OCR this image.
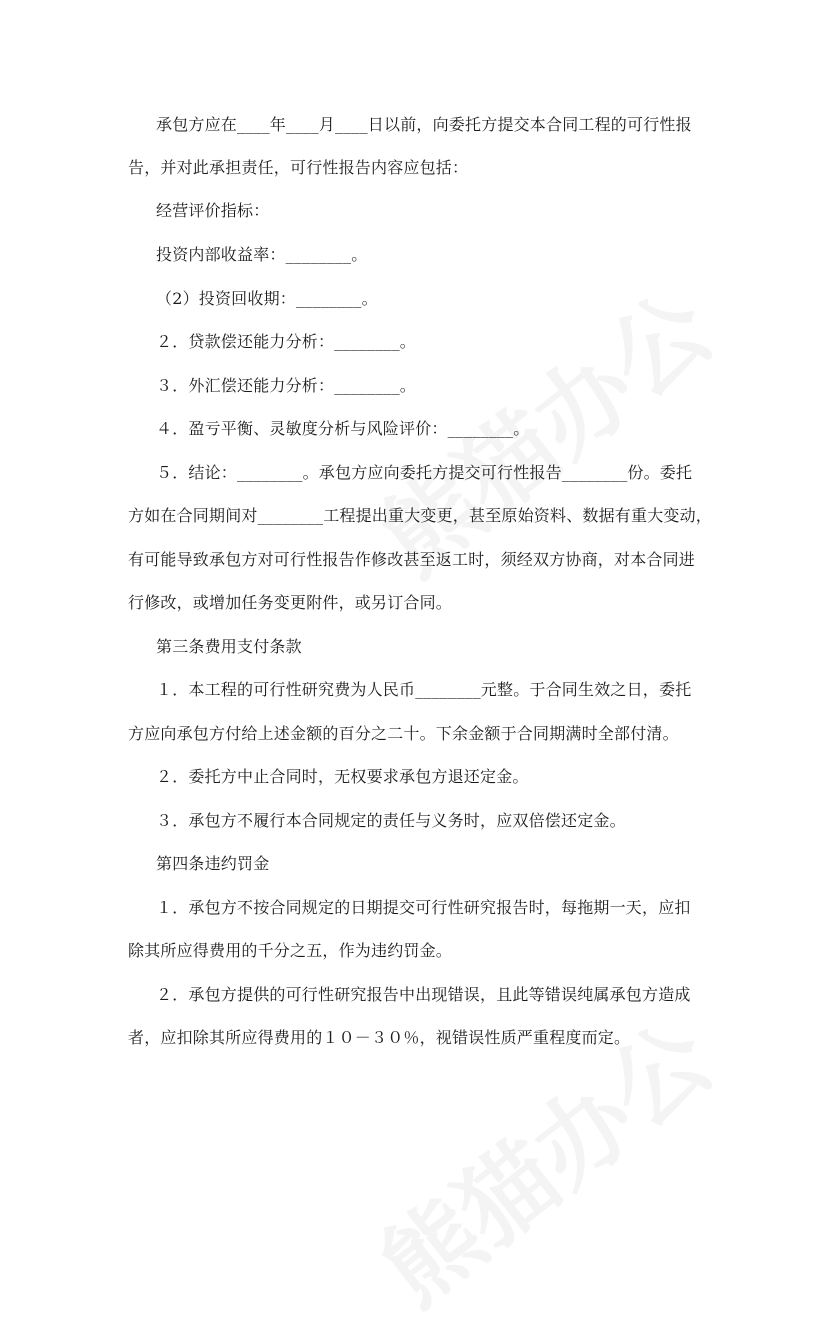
承包方应在____年____月____日以前，向委托方提交本合同工程的可行性报
告，并对此承担责任，可行性报告内容应包括：
经营评价指标：
投资内部收益率：________。
（2）投资回收期：________。
２．贷款偿还能力分析：________。
３．外汇偿还能力分析：________。
４．盈亏平衡、灵敏度分析与风险评价：________。
５．结论：________。承包方应向委托方提交可行性报告________份。委托
方如在合同期间对________工程提出重大变更，甚至原始资料、数据有重大变动，
有可能导致承包方对可行性报告作修改甚至返工时，须经双方协商，对本合同进
行修改，或增加任务变更附件，或另订合同。
第三条费用支付条款
１．本工程的可行性研究费为人民币________元整。于合同生效之日，委托
方应向承包方付给上述金额的百分之二十。下余金额于合同期满时全部付清。
２．委托方中止合同时，无权要求承包方退还定金。
３．承包方不履行本合同规定的责任与义务时，应双倍偿还定金。
第四条违约罚金
１．承包方不按合同规定的日期提交可行性研究报告时，每拖期一天，应扣
除其所应得费用的千分之五，作为违约罚金。
２．承包方提供的可行性研究报告中出现错误，且此等错误纯属承包方造成
者，应扣除其所应得费用的１０－３０％，视错误性质严重程度而定。
